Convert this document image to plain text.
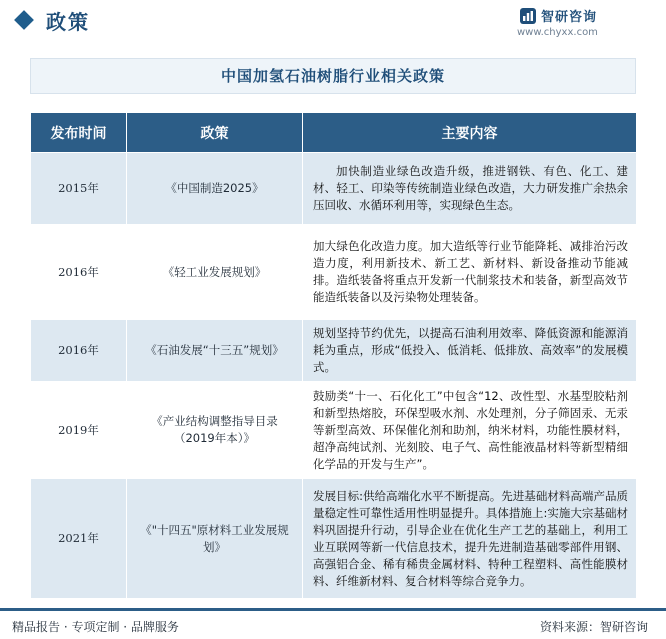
政策	智研咨询
www.chyxx.com
中国加氢石油树脂行业相关政策
发布时间	政策	主要内容
2015年	《中国制造2025》	加快制造业绿色改造升级，推进钢铁、有色、化工、建材、轻工、印染等传统制造业绿色改造，大力研发推广余热余压回收、水循环利用等，实现绿色生态。
2016年	《轻工业发展规划》	加大绿色化改造力度。加大造纸等行业节能降耗、减排治污改造力度，利用新技术、新工艺、新材料、新设备推动节能减排。造纸装备将重点开发新一代制浆技术和装备，新型高效节能造纸装备以及污染物处理装备。
2016年	《石油发展“十三五”规划》	规划坚持节约优先，以提高石油利用效率、降低资源和能源消耗为重点，形成“低投入、低消耗、低排放、高效率”的发展模式。
2019年	《产业结构调整指导目录（2019年本）》	鼓励类“十一、石化化工”中包含“12、改性型、水基型胶粘剂和新型热熔胶，环保型吸水剂、水处理剂，分子筛固汞、无汞等新型高效、环保催化剂和助剂，纳米材料，功能性膜材料，超净高纯试剂、光刻胶、电子气、高性能液晶材料等新型精细化学品的开发与生产”。
2021年	《"十四五"原材料工业发展规划》	发展目标:供给高端化水平不断提高。先进基础材料高端产品质量稳定性可靠性适用性明显提升。具体措施上:实施大宗基础材料巩固提升行动，引导企业在优化生产工艺的基础上，利用工业互联网等新一代信息技术，提升先进制造基础零部件用钢、高强铝合金、稀有稀贵金属材料、特种工程塑料、高性能膜材料、纤维新材料、复合材料等综合竞争力。
精品报告 · 专项定制 · 品牌服务	资料来源：智研咨询
